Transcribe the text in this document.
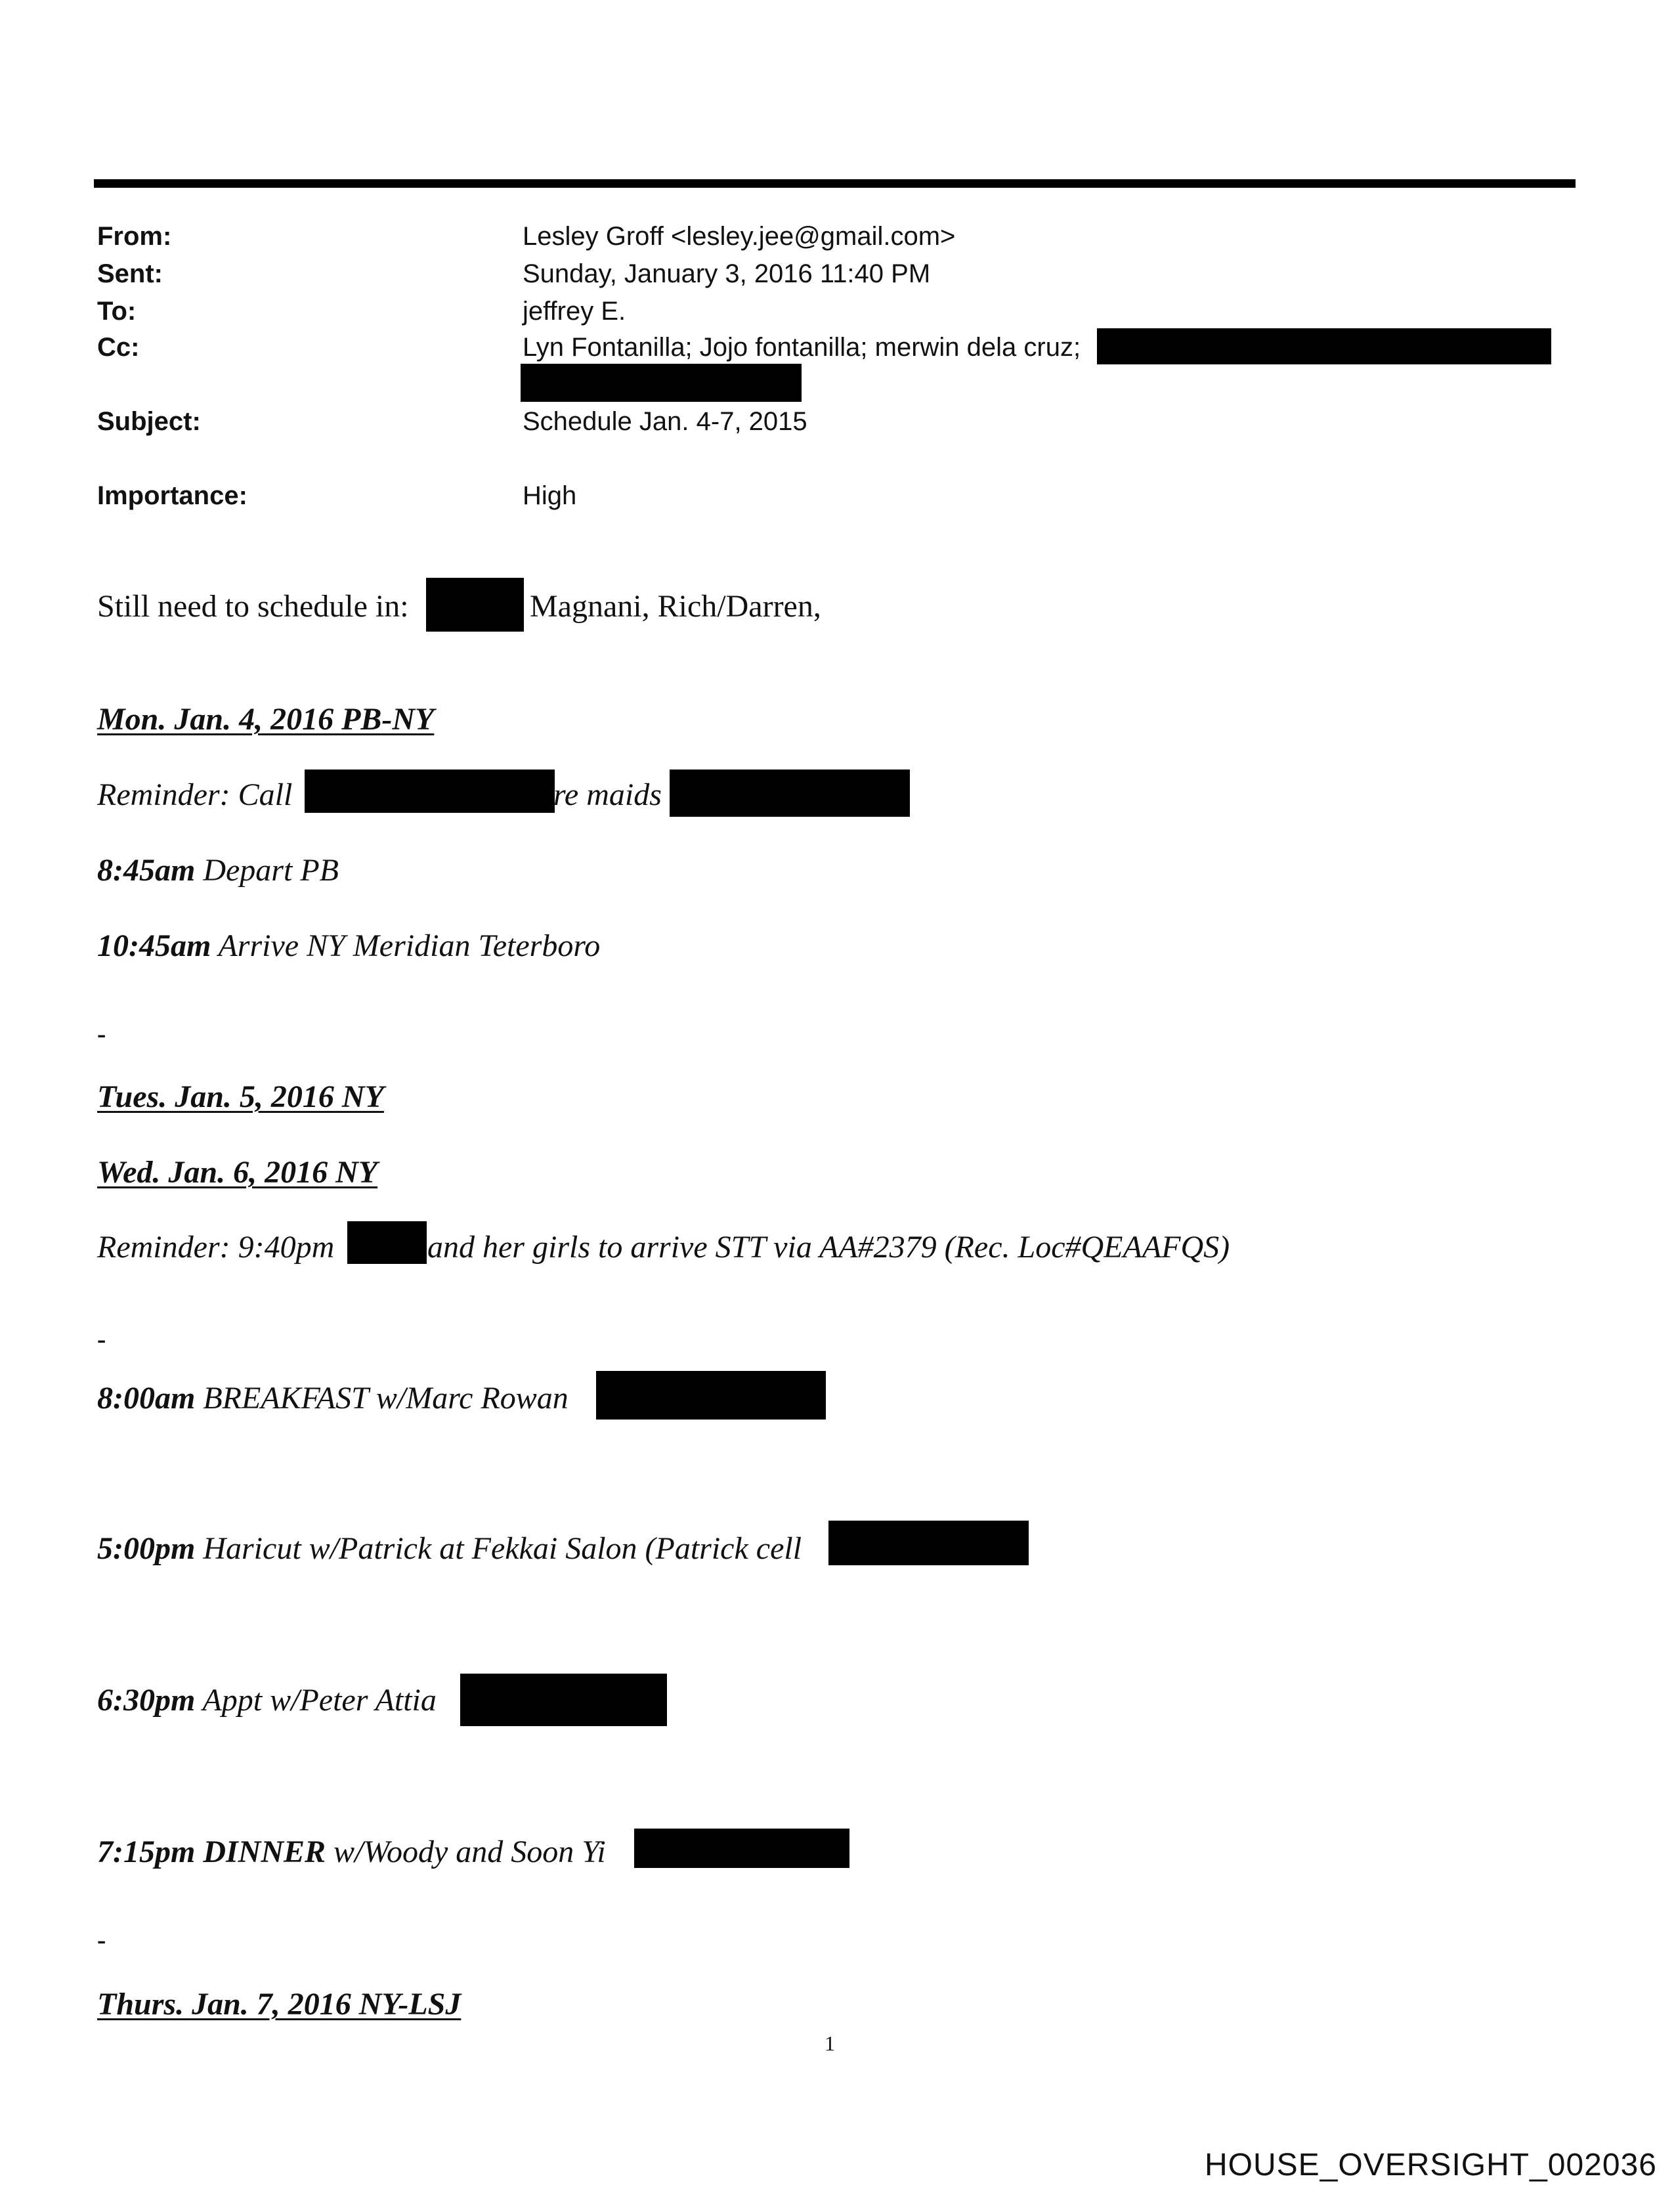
From:	Lesley Groff <lesley.jee@gmail.com>
Sent:	Sunday, January 3, 2016 11:40 PM
To:	jeffrey E.
Cc:	Lyn Fontanilla; Jojo fontanilla; merwin dela cruz;
Subject:	Schedule Jan. 4-7, 2015
Importance:	High
Still need to schedule in:	Magnani, Rich/Darren,
Mon. Jan. 4, 2016 PB-NY
Reminder: Call	re maids
8:45am Depart PB
10:45am Arrive NY Meridian Teterboro
-
Tues. Jan. 5, 2016 NY
Wed. Jan. 6, 2016 NY
Reminder: 9:40pm	and her girls to arrive STT via AA#2379 (Rec. Loc#QEAAFQS)
-
8:00am BREAKFAST w/Marc Rowan
5:00pm Haricut w/Patrick at Fekkai Salon (Patrick cell
6:30pm Appt w/Peter Attia
7:15pm DINNER w/Woody and Soon Yi
-
Thurs. Jan. 7, 2016 NY-LSJ
1
HOUSE_OVERSIGHT_002036
